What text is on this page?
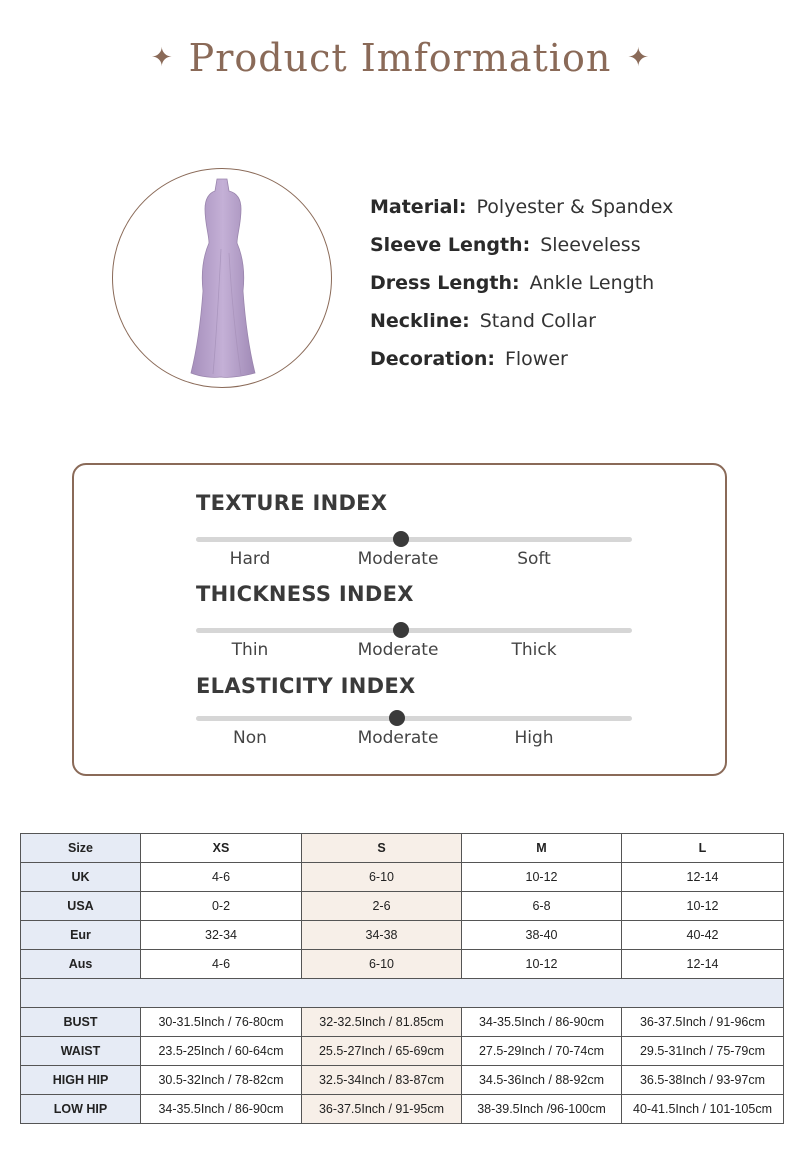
✦ Product Imformation ✦
Material: Polyester & Spandex
Sleeve Length: Sleeveless
Dress Length: Ankle Length
Neckline: Stand Collar
Decoration: Flower
TEXTURE INDEX
Hard	Moderate	Soft
THICKNESS INDEX
Thin	Moderate	Thick
ELASTICITY INDEX
Non	Moderate	High
Size	XS	S	M	L
UK	4-6	6-10	10-12	12-14
USA	0-2	2-6	6-8	10-12
Eur	32-34	34-38	38-40	40-42
Aus	4-6	6-10	10-12	12-14

BUST	30-31.5Inch / 76-80cm	32-32.5Inch / 81.85cm	34-35.5Inch / 86-90cm	36-37.5Inch / 91-96cm
WAIST	23.5-25Inch / 60-64cm	25.5-27Inch / 65-69cm	27.5-29Inch / 70-74cm	29.5-31Inch / 75-79cm
HIGH HIP	30.5-32Inch / 78-82cm	32.5-34Inch / 83-87cm	34.5-36Inch / 88-92cm	36.5-38Inch / 93-97cm
LOW HIP	34-35.5Inch / 86-90cm	36-37.5Inch / 91-95cm	38-39.5Inch /96-100cm	40-41.5Inch / 101-105cm
